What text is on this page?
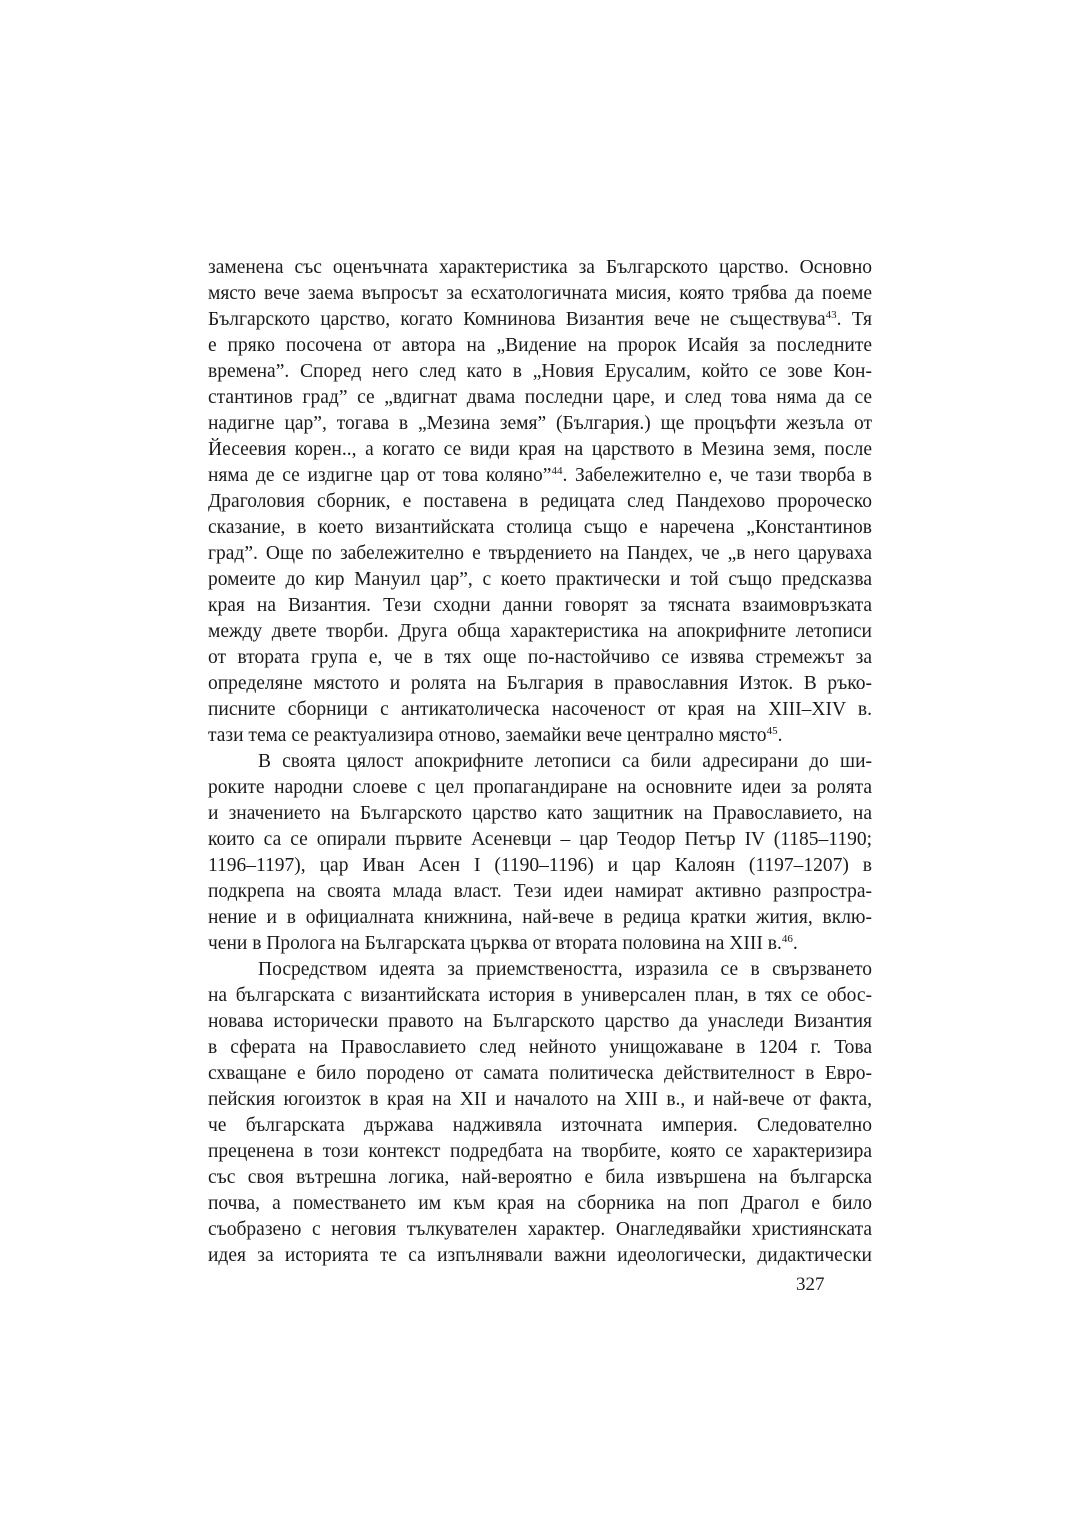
заменена със оценъчната характеристика за Българското царство. Основно
място вече заема въпросът за есхатологичната мисия, която трябва да поеме
Българското царство, когато Комнинова Византия вече не съществува$^{43}$. Тя
е пряко посочена от автора на „Видение на пророк Исайя за последните
времена”. Според него след като в „Новия Ерусалим, който се зове Кон-
стантинов град” се „вдигнат двама последни царе, и след това няма да се
надигне цар”, тогава в „Мезина земя” (България.) ще процъфти жезъла от
Йесеевия корен.., а когато се види края на царството в Мезина земя, после
няма де се издигне цар от това коляно”$^{44}$. Забележително е, че тази творба в
Драголовия сборник, е поставена в редицата след Пандехово пророческо
сказание, в което византийската столица също е наречена „Константинов
град”. Още по забележително е твърдението на Пандех, че „в него царуваха
ромеите до кир Мануил цар”, с което практически и той също предсказва
края на Византия. Тези сходни данни говорят за тясната взаимовръзката
между двете творби. Друга обща характеристика на апокрифните летописи
от втората група е, че в тях още по-настойчиво се извява стремежът за
определяне мястото и ролята на България в православния Изток. В ръко-
писните сборници с антикатолическа насоченост от края на XIII–XIV в.
тази тема се реактуализира отново, заемайки вече централно място$^{45}$.
В своята цялост апокрифните летописи са били адресирани до ши-
роките народни слоеве с цел пропагандиране на основните идеи за ролята
и значението на Българското царство като защитник на Православието, на
които са се опирали първите Асеневци – цар Теодор Петър IV (1185–1190;
1196–1197), цар Иван Асен I (1190–1196) и цар Калоян (1197–1207) в
подкрепа на своята млада власт. Тези идеи намират активно разпростра-
нение и в официалната книжнина, най-вече в редица кратки жития, вклю-
чени в Пролога на Българската църква от втората половина на XIII в.$^{46}$.
Посредством идеята за приемствеността, изразила се в свързването
на българската с византийската история в универсален план, в тях се обос-
новава исторически правото на Българското царство да унаследи Византия
в сферата на Православието след нейното унищожаване в 1204 г. Това
схващане е било породено от самата политическа действителност в Евро-
пейския югоизток в края на XII и началото на XIII в., и най-вече от факта,
че българската държава надживяла източната империя. Следователно
преценена в този контекст подредбата на творбите, която се характеризира
със своя вътрешна логика, най-вероятно е била извършена на българска
почва, а поместването им към края на сборника на поп Драгол е било
съобразено с неговия тълкувателен характер. Онагледявайки християнската
идея за историята те са изпълнявали важни идеологически, дидактически
327
